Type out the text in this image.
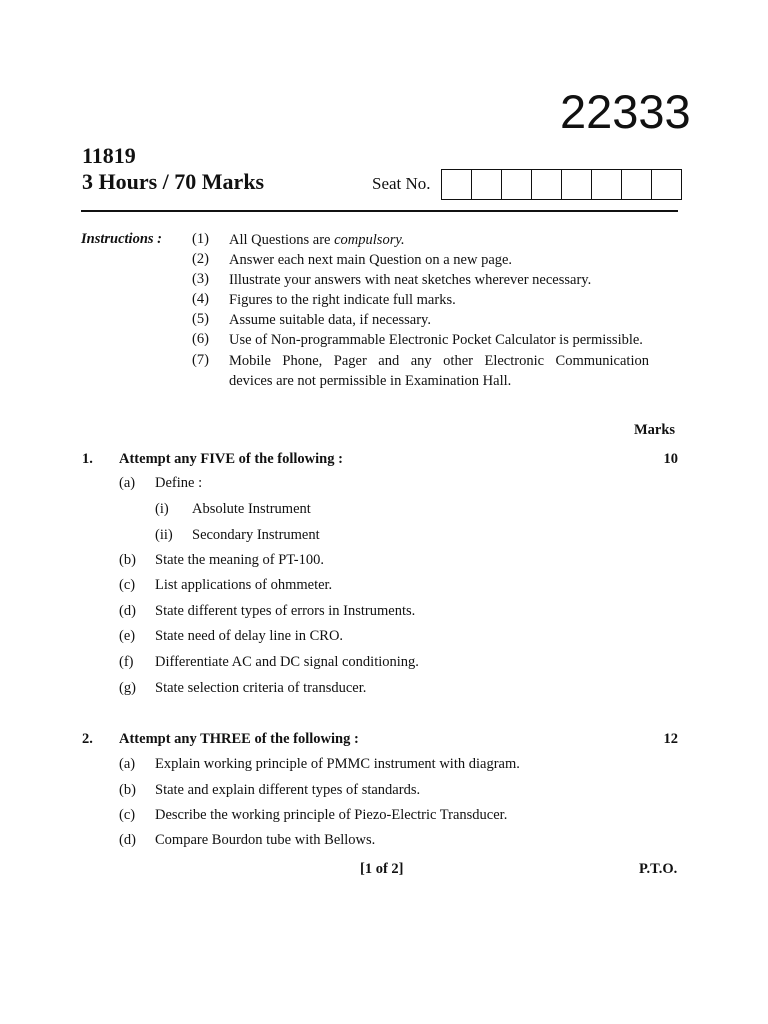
22333
11819
3 Hours / 70 Marks	Seat No.
Instructions : (1) All Questions are compulsory.
(2) Answer each next main Question on a new page.
(3) Illustrate your answers with neat sketches wherever necessary.
(4) Figures to the right indicate full marks.
(5) Assume suitable data, if necessary.
(6) Use of Non-programmable Electronic Pocket Calculator is permissible.
(7) Mobile Phone, Pager and any other Electronic Communication
devices are not permissible in Examination Hall.
Marks
1. Attempt any FIVE of the following :	10
(a) Define :
(i) Absolute Instrument
(ii) Secondary Instrument
(b) State the meaning of PT-100.
(c) List applications of ohmmeter.
(d) State different types of errors in Instruments.
(e) State need of delay line in CRO.
(f) Differentiate AC and DC signal conditioning.
(g) State selection criteria of transducer.
2. Attempt any THREE of the following :	12
(a) Explain working principle of PMMC instrument with diagram.
(b) State and explain different types of standards.
(c) Describe the working principle of Piezo-Electric Transducer.
(d) Compare Bourdon tube with Bellows.
[1 of 2]	P.T.O.
